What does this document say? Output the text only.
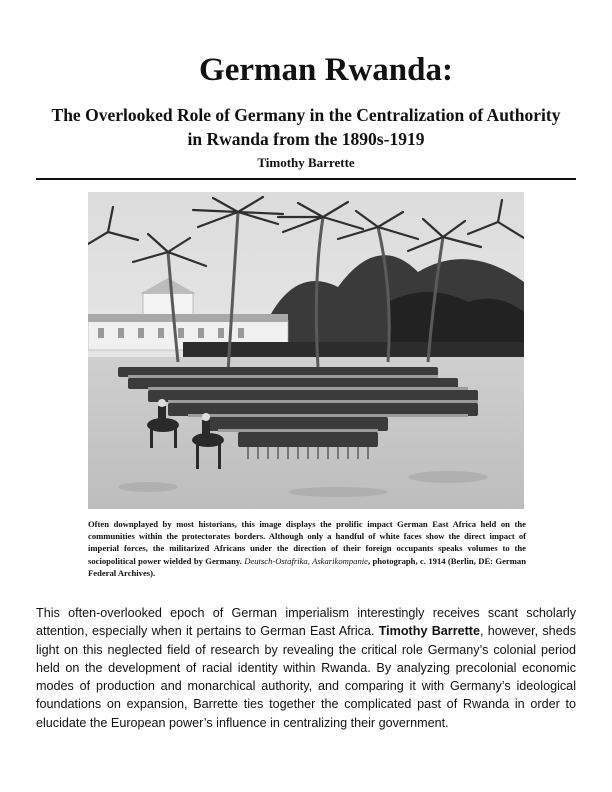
German Rwanda:
The Overlooked Role of Germany in the Centralization of Authority
in Rwanda from the 1890s-1919
Timothy Barrette

Often downplayed by most historians, this image displays the prolific impact German East Africa held on the communities within the protectorates borders. Although only a handful of white faces show the direct impact of imperial forces, the militarized Africans under the direction of their foreign occupants speaks volumes to the sociopolitical power wielded by Germany. Deutsch-Ostafrika, Askarikompanie, photograph, c. 1914 (Berlin, DE: German Federal Archives).

This often-overlooked epoch of German imperialism interestingly receives scant scholarly attention, especially when it pertains to German East Africa. Timothy Barrette, however, sheds light on this neglected field of research by revealing the critical role Germany’s colonial period held on the development of racial identity within Rwanda. By analyzing precolonial economic modes of production and monarchical authority, and comparing it with Germany’s ideological foundations on expansion, Barrette ties together the complicated past of Rwanda in order to elucidate the European power’s influence in centralizing their government.
